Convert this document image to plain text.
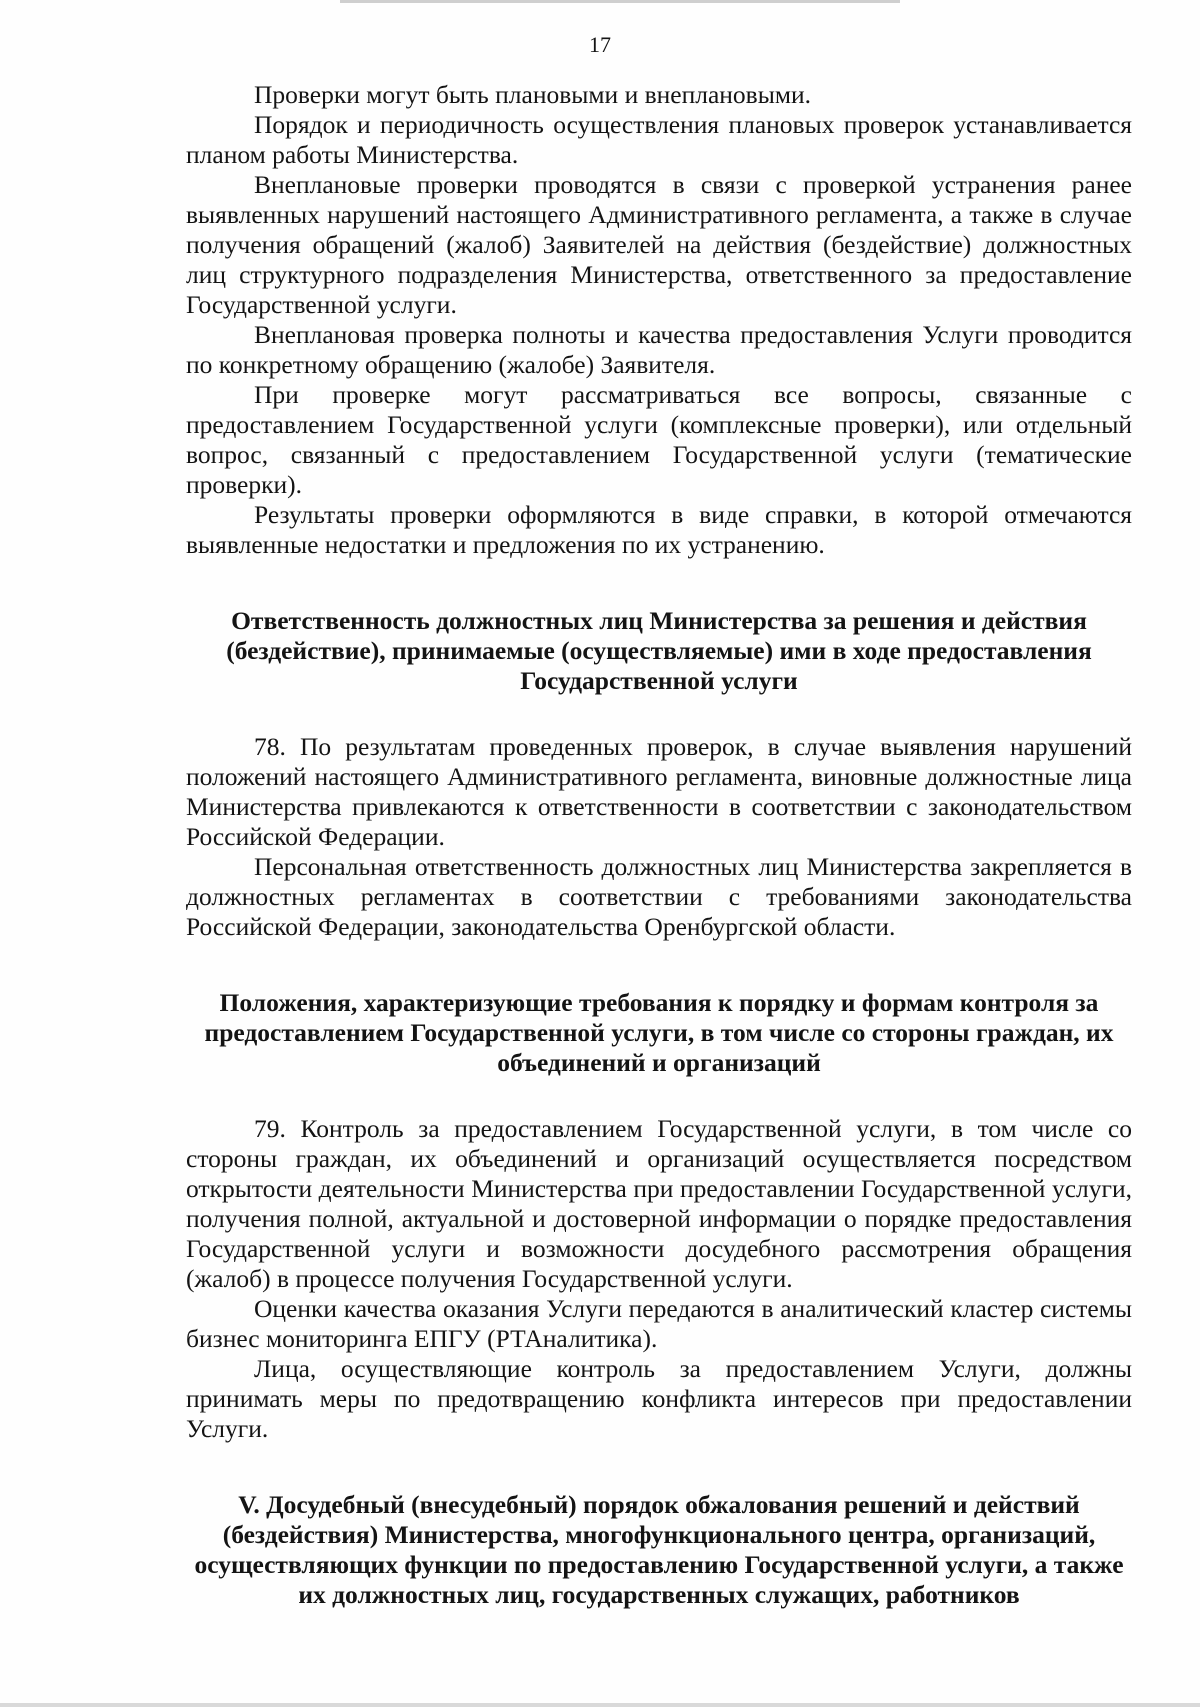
17

Проверки могут быть плановыми и внеплановыми.

Порядок и периодичность осуществления плановых проверок устанавливается планом работы Министерства.

Внеплановые проверки проводятся в связи с проверкой устранения ранее выявленных нарушений настоящего Административного регламента, а также в случае получения обращений (жалоб) Заявителей на действия (бездействие) должностных лиц структурного подразделения Министерства, ответственного за предоставление Государственной услуги.

Внеплановая проверка полноты и качества предоставления Услуги проводится по конкретному обращению (жалобе) Заявителя.

При проверке могут рассматриваться все вопросы, связанные с предоставлением Государственной услуги (комплексные проверки), или отдельный вопрос, связанный с предоставлением Государственной услуги (тематические проверки).

Результаты проверки оформляются в виде справки, в которой отмечаются выявленные недостатки и предложения по их устранению.

Ответственность должностных лиц Министерства за решения и действия (бездействие), принимаемые (осуществляемые) ими в ходе предоставления Государственной услуги

78. По результатам проведенных проверок, в случае выявления нарушений положений настоящего Административного регламента, виновные должностные лица Министерства привлекаются к ответственности в соответствии с законодательством Российской Федерации.

Персональная ответственность должностных лиц Министерства закрепляется в должностных регламентах в соответствии с требованиями законодательства Российской Федерации, законодательства Оренбургской области.

Положения, характеризующие требования к порядку и формам контроля за предоставлением Государственной услуги, в том числе со стороны граждан, их объединений и организаций

79. Контроль за предоставлением Государственной услуги, в том числе со стороны граждан, их объединений и организаций осуществляется посредством открытости деятельности Министерства при предоставлении Государственной услуги, получения полной, актуальной и достоверной информации о порядке предоставления Государственной услуги и возможности досудебного рассмотрения обращения (жалоб) в процессе получения Государственной услуги.

Оценки качества оказания Услуги передаются в аналитический кластер системы бизнес мониторинга ЕПГУ (РТАналитика).

Лица, осуществляющие контроль за предоставлением Услуги, должны принимать меры по предотвращению конфликта интересов при предоставлении Услуги.

V. Досудебный (внесудебный) порядок обжалования решений и действий (бездействия) Министерства, многофункционального центра, организаций, осуществляющих функции по предоставлению Государственной услуги, а также их должностных лиц, государственных служащих, работников
